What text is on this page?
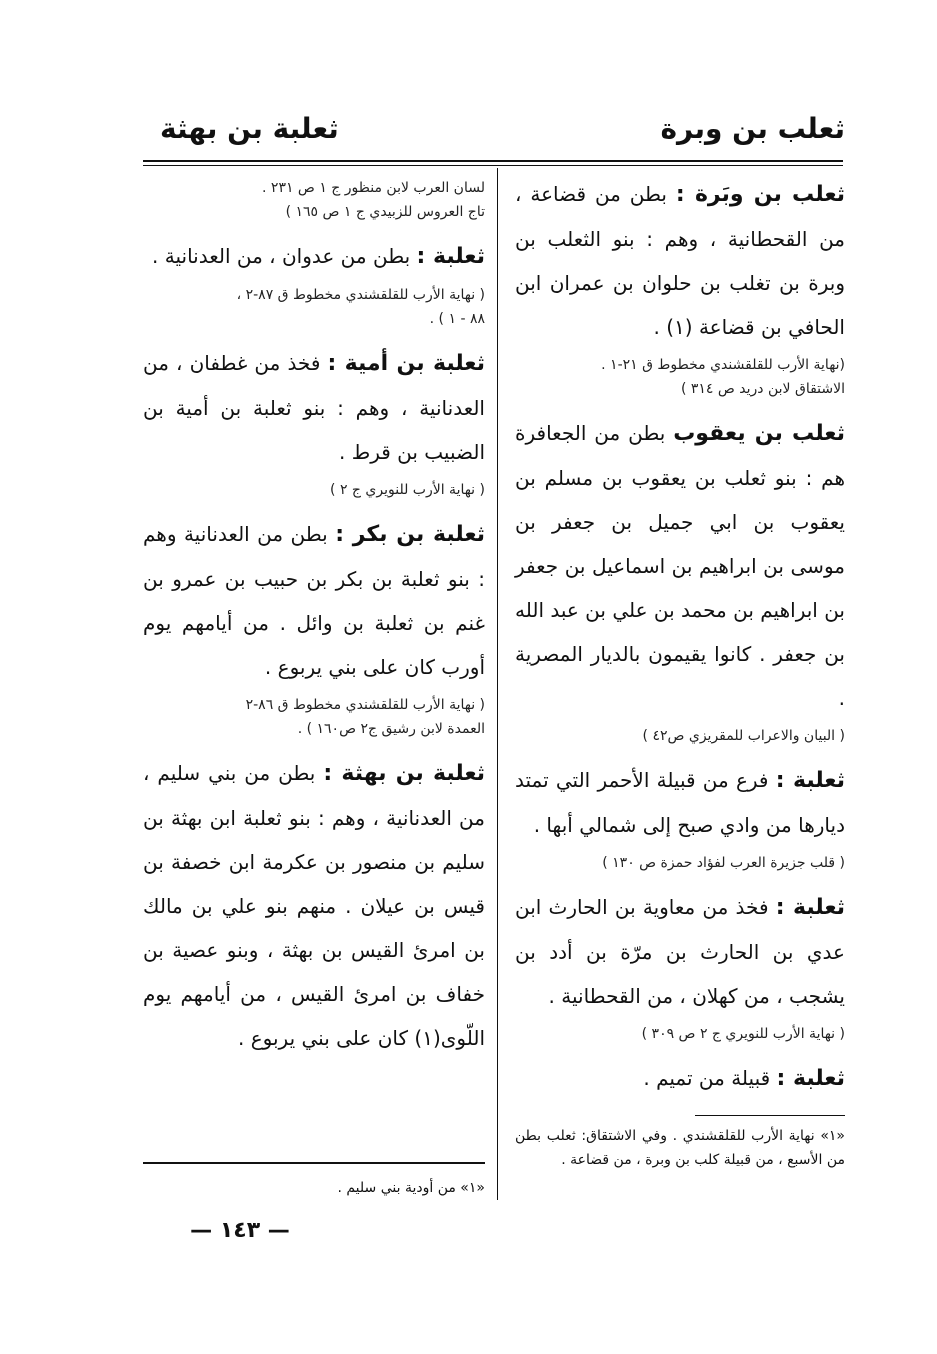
ثعلب بن وبرة
ثعلبة بن بهثة

ثعلب بن وبَرة : بطن من قضاعة ، من القحطانية ، وهم : بنو الثعلب بن وبرة بن تغلب بن حلوان بن عمران ابن الحافي بن قضاعة (١) .

(نهاية الأرب للقلقشندي مخطوط ق ٢١-١ .
الاشتقاق لابن دريد ص ٣١٤ )

ثعلب بن يعقوب بطن من الجعافرة هم : بنو ثعلب بن يعقوب بن مسلم بن يعقوب بن ابي جميل بن جعفر بن موسى بن ابراهيم بن اسماعيل بن جعفر بن ابراهيم بن محمد بن علي بن عبد الله بن جعفر . كانوا يقيمون بالديار المصرية .

( البيان والاعراب للمقريزي ص٤٢ )

ثعلبة : فرع من قبيلة الأحمر التي تمتد ديارها من وادي صبح إلى شمالي أبها .

( قلب جزيرة العرب لفؤاد حمزة ص ١٣٠ )

ثعلبة : فخذ من معاوية بن الحارث ابن عدي بن الحارث بن مرّة بن أدد بن يشجب ، من كهلان ، من القحطانية .

( نهاية الأرب للنويري ج ٢ ص ٣٠٩ )

ثعلبة : قبيلة من تميم .

«١» نهاية الأرب للقلقشندي . وفي الاشتقاق: ثعلب بطن من الأسبع ، من قبيلة كلب بن وبرة ، من قضاعة .

لسان العرب لابن منظور ج ١ ص ٢٣١ .
تاج العروس للزبيدي ج ١ ص ١٦٥ )

ثعلبة : بطن من عدوان ، من العدنانية .

( نهاية الأرب للقلقشندي مخطوط ق ٨٧-٢ ،
٨٨ - ١ ) .

ثعلبة بن أمية : فخذ من غطفان ، من العدنانية ، وهم : بنو ثعلبة بن أمية بن الضبيب بن قرط .

( نهاية الأرب للنويري ج ٢ )

ثعلبة بن بكر : بطن من العدنانية وهم : بنو ثعلبة بن بكر بن حبيب بن عمرو بن غنم بن ثعلبة بن وائل . من أيامهم يوم أورب كان على بني يربوع .

( نهاية الأرب للقلقشندي مخطوط ق ٨٦-٢
العمدة لابن رشيق ج٢ ص١٦٠ ) .

ثعلبة بن بهثة : بطن من بني سليم ، من العدنانية ، وهم : بنو ثعلبة ابن بهثة بن سليم بن منصور بن عكرمة ابن خصفة بن قيس بن عيلان . منهم بنو علي بن مالك بن امرئ القيس بن بهثة ، وبنو عصية بن خفاف بن امرئ القيس ، من أيامهم يوم اللّوى(١) كان على بني يربوع .

«١» من أودية بني سليم .
— ١٤٣ —
